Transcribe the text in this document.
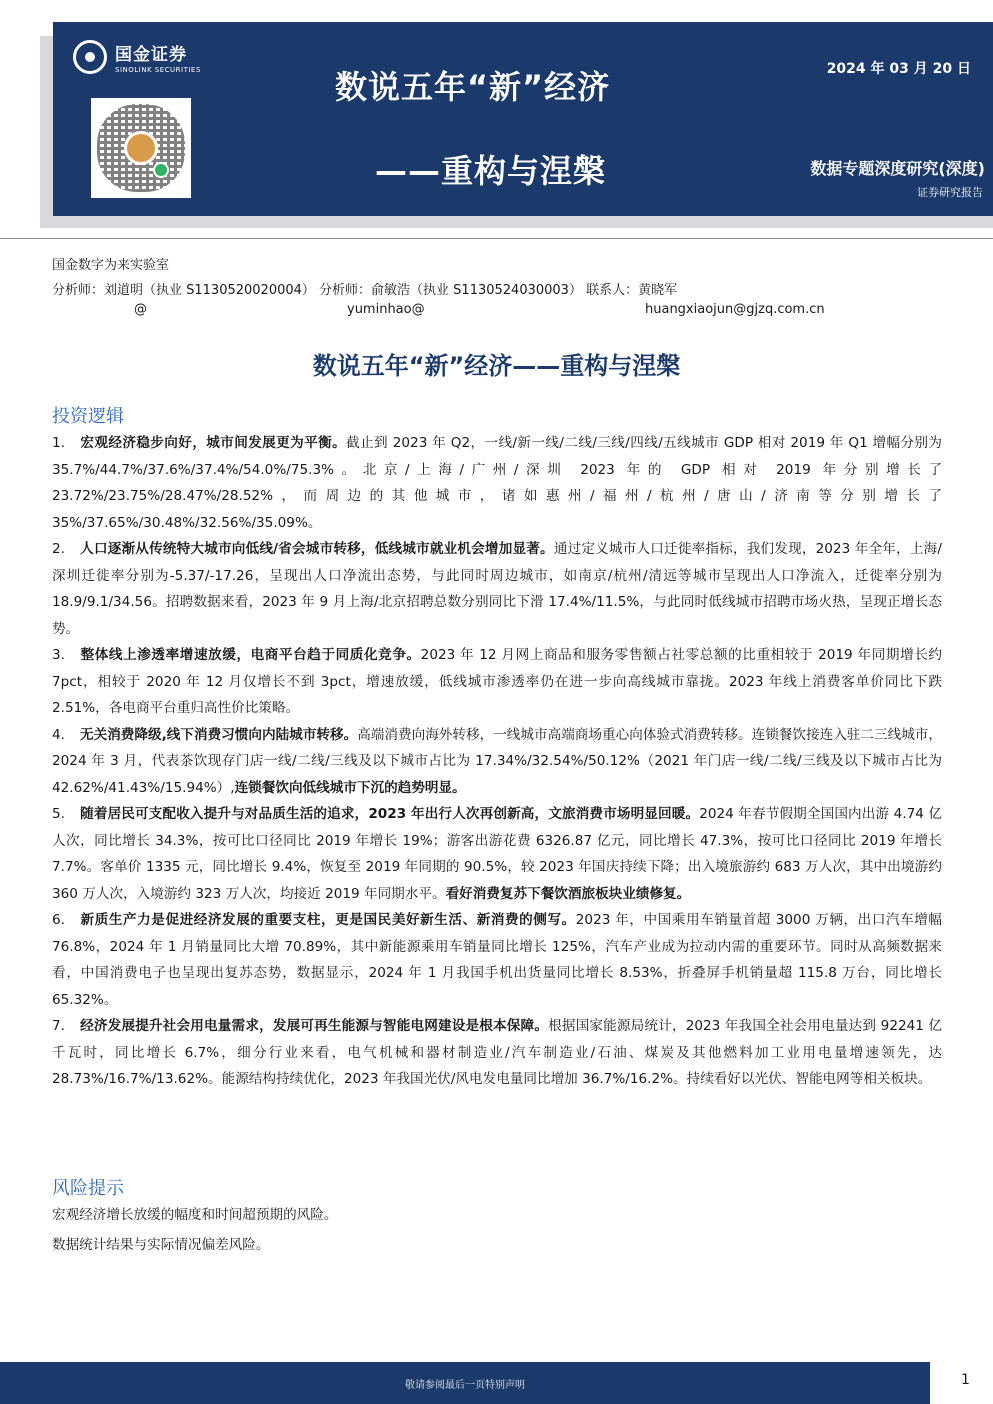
国金证券
SINOLINK SECURITIES	数说五年“新”经济
——重构与涅槃
2024 年 03 月 20 日
数据专题深度研究(深度)
证券研究报告
国金数字为来实验室
分析师：刘道明（执业 S1130520020004） 分析师：俞敏浩（执业 S1130524030003） 联系人：黄晓军
@	yuminhao@	huangxiaojun@gjzq.com.cn
数说五年“新”经济——重构与涅槃
投资逻辑

1. 宏观经济稳步向好，城市间发展更为平衡。截止到 2023 年 Q2，一线/新一线/二线/三线/四线/五线城市 GDP 相对 2019 年 Q1 增幅分别为 35.7%/44.7%/37.6%/37.4%/54.0%/75.3%。北京/上海/广州/深圳 2023 年的 GDP 相对 2019 年分别增长了 23.72%/23.75%/28.47%/28.52%，而周边的其他城市，诸如惠州/福州/杭州/唐山/济南等分别增长了 35%/37.65%/30.48%/32.56%/35.09%。

2. 人口逐渐从传统特大城市向低线/省会城市转移，低线城市就业机会增加显著。通过定义城市人口迁徙率指标，我们发现，2023 年全年，上海/深圳迁徙率分别为-5.37/-17.26，呈现出人口净流出态势，与此同时周边城市，如南京/杭州/清远等城市呈现出人口净流入，迁徙率分别为 18.9/9.1/34.56。招聘数据来看，2023 年 9 月上海/北京招聘总数分别同比下滑 17.4%/11.5%，与此同时低线城市招聘市场火热，呈现正增长态势。

3. 整体线上渗透率增速放缓，电商平台趋于同质化竞争。2023 年 12 月网上商品和服务零售额占社零总额的比重相较于 2019 年同期增长约 7pct，相较于 2020 年 12 月仅增长不到 3pct，增速放缓，低线城市渗透率仍在进一步向高线城市靠拢。2023 年线上消费客单价同比下跌 2.51%，各电商平台重归高性价比策略。

4. 无关消费降级,线下消费习惯向内陆城市转移。高端消费向海外转移，一线城市高端商场重心向体验式消费转移。连锁餐饮接连入驻二三线城市，2024 年 3 月，代表茶饮现存门店一线/二线/三线及以下城市占比为 17.34%/32.54%/50.12%（2021 年门店一线/二线/三线及以下城市占比为 42.62%/41.43%/15.94%）,连锁餐饮向低线城市下沉的趋势明显。

5. 随着居民可支配收入提升与对品质生活的追求，2023 年出行人次再创新高，文旅消费市场明显回暖。2024 年春节假期全国国内出游 4.74 亿人次，同比增长 34.3%，按可比口径同比 2019 年增长 19%；游客出游花费 6326.87 亿元，同比增长 47.3%，按可比口径同比 2019 年增长 7.7%。客单价 1335 元，同比增长 9.4%，恢复至 2019 年同期的 90.5%，较 2023 年国庆持续下降；出入境旅游约 683 万人次，其中出境游约 360 万人次，入境游约 323 万人次，均接近 2019 年同期水平。看好消费复苏下餐饮酒旅板块业绩修复。

6. 新质生产力是促进经济发展的重要支柱，更是国民美好新生活、新消费的侧写。2023 年，中国乘用车销量首超 3000 万辆，出口汽车增幅 76.8%，2024 年 1 月销量同比大增 70.89%，其中新能源乘用车销量同比增长 125%，汽车产业成为拉动内需的重要环节。同时从高频数据来看，中国消费电子也呈现出复苏态势，数据显示，2024 年 1 月我国手机出货量同比增长 8.53%，折叠屏手机销量超 115.8 万台，同比增长 65.32%。

7. 经济发展提升社会用电量需求，发展可再生能源与智能电网建设是根本保障。根据国家能源局统计，2023 年我国全社会用电量达到 92241 亿千瓦时，同比增长 6.7%，细分行业来看，电气机械和器材制造业/汽车制造业/石油、煤炭及其他燃料加工业用电量增速领先，达 28.73%/16.7%/13.62%。能源结构持续优化，2023 年我国光伏/风电发电量同比增加 36.7%/16.2%。持续看好以光伏、智能电网等相关板块。

风险提示
宏观经济增长放缓的幅度和时间超预期的风险。
数据统计结果与实际情况偏差风险。
敬请参阅最后一页特别声明	1
